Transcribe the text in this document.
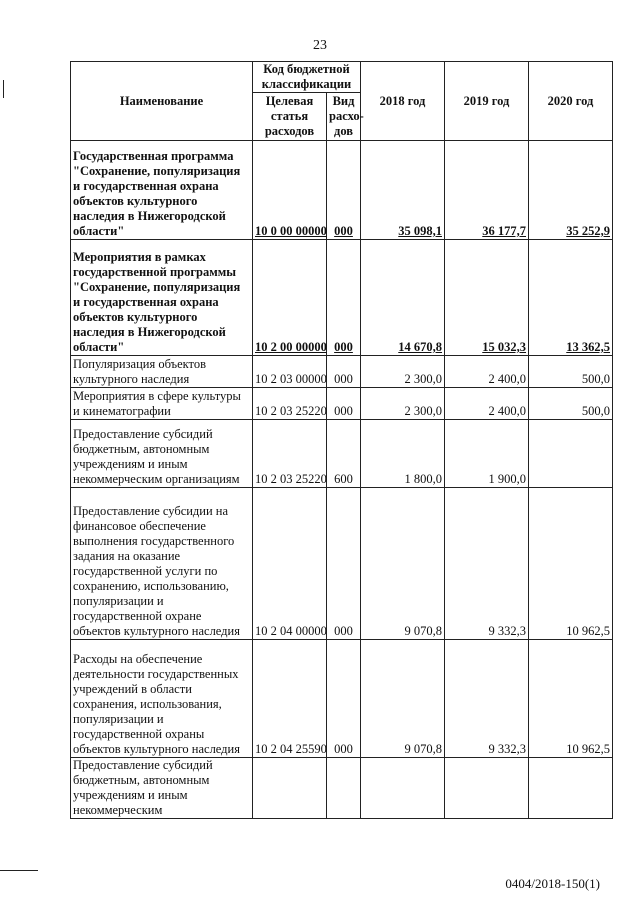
23
Наименование	Код бюджетной классификации		2018 год	2019 год	2020 год
	Целевая статья расходов	Вид расхо-дов			
Государственная программа "Сохранение, популяризация и государственная охрана объектов культурного наследия в Нижегородской области"	10 0 00 00000	000	35 098,1	36 177,7	35 252,9
Мероприятия в рамках государственной программы "Сохранение, популяризация и государственная охрана объектов культурного наследия в Нижегородской области"	10 2 00 00000	000	14 670,8	15 032,3	13 362,5
Популяризация объектов культурного наследия	10 2 03 00000	000	2 300,0	2 400,0	500,0
Мероприятия в сфере культуры и кинематографии	10 2 03 25220	000	2 300,0	2 400,0	500,0
Предоставление субсидий бюджетным, автономным учреждениям и иным некоммерческим организациям	10 2 03 25220	600	1 800,0	1 900,0	
Предоставление субсидии на финансовое обеспечение выполнения государственного задания на оказание государственной услуги по сохранению, использованию, популяризации и государственной охране объектов культурного наследия	10 2 04 00000	000	9 070,8	9 332,3	10 962,5
Расходы на обеспечение деятельности государственных учреждений в области сохранения, использования, популяризации и государственной охраны объектов культурного наследия	10 2 04 25590	000	9 070,8	9 332,3	10 962,5
Предоставление субсидий бюджетным, автономным учреждениям и иным некоммерческим					
0404/2018-150(1)
